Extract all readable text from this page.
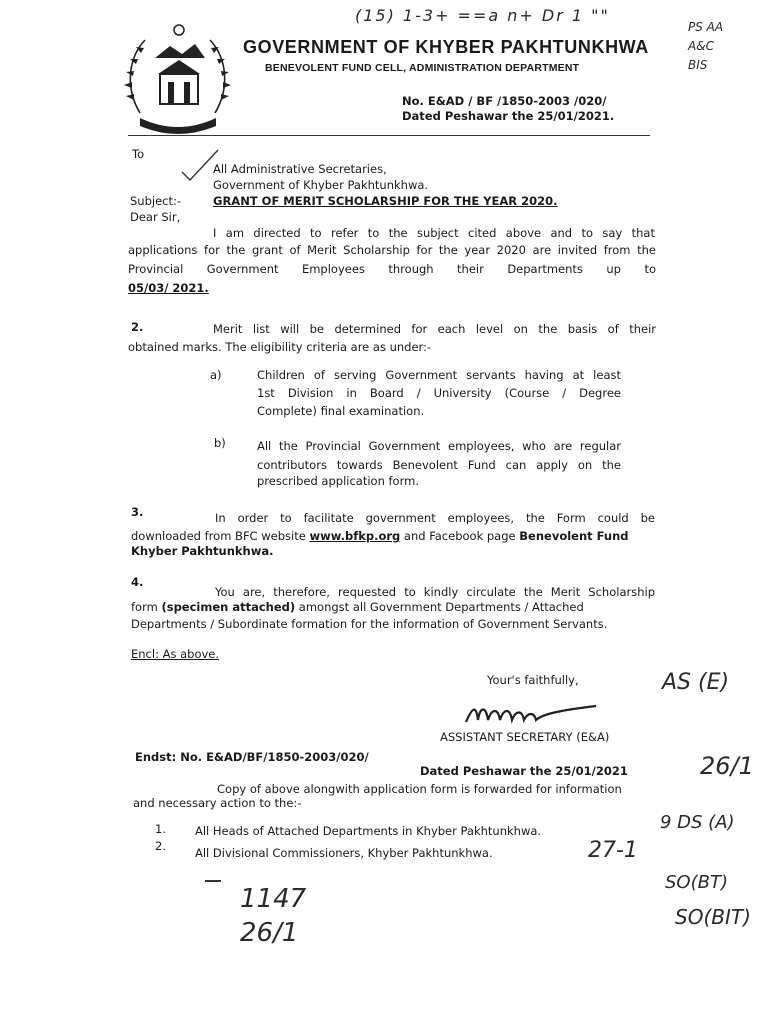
(15) 1-3+ ==a n+ Dr 1 ""
PS AA
A&C
BIS
GOVERNMENT OF KHYBER PAKHTUNKHWA
BENEVOLENT FUND CELL, ADMINISTRATION DEPARTMENT
No. E&AD / BF /1850-2003 /020/
Dated Peshawar the 25/01/2021.
To
All Administrative Secretaries,
Government of Khyber Pakhtunkhwa.
Subject:-	GRANT OF MERIT SCHOLARSHIP FOR THE YEAR 2020.
Dear Sir,
I am directed to refer to the subject cited above and to say that
applications for the grant of Merit Scholarship for the year 2020 are invited from the
Provincial Government Employees through their Departments up to
05/03/ 2021.
2.	Merit list will be determined for each level on the basis of their
obtained marks. The eligibility criteria are as under:-
a)	Children of serving Government servants having at least
1st Division in Board / University (Course / Degree
Complete) final examination.
b)	All the Provincial Government employees, who are regular
contributors towards Benevolent Fund can apply on the
prescribed application form.
3.	In order to facilitate government employees, the Form could be
downloaded from BFC website www.bfkp.org and Facebook page Benevolent Fund
Khyber Pakhtunkhwa.
4.
You are, therefore, requested to kindly circulate the Merit Scholarship
form (specimen attached) amongst all Government Departments / Attached
Departments / Subordinate formation for the information of Government Servants.
Encl: As above.
AS (E)
26/1
Your's faithfully,
ASSISTANT SECRETARY (E&A)
Endst: No. E&AD/BF/1850-2003/020/
Dated Peshawar the 25/01/2021
Copy of above alongwith application form is forwarded for information
and necessary action to the:-
1.	All Heads of Attached Departments in Khyber Pakhtunkhwa.
2.	All Divisional Commissioners, Khyber Pakhtunkhwa.	27-1
9 DS (A)
SO(BT)
SO(BIT)
1147
26/1
